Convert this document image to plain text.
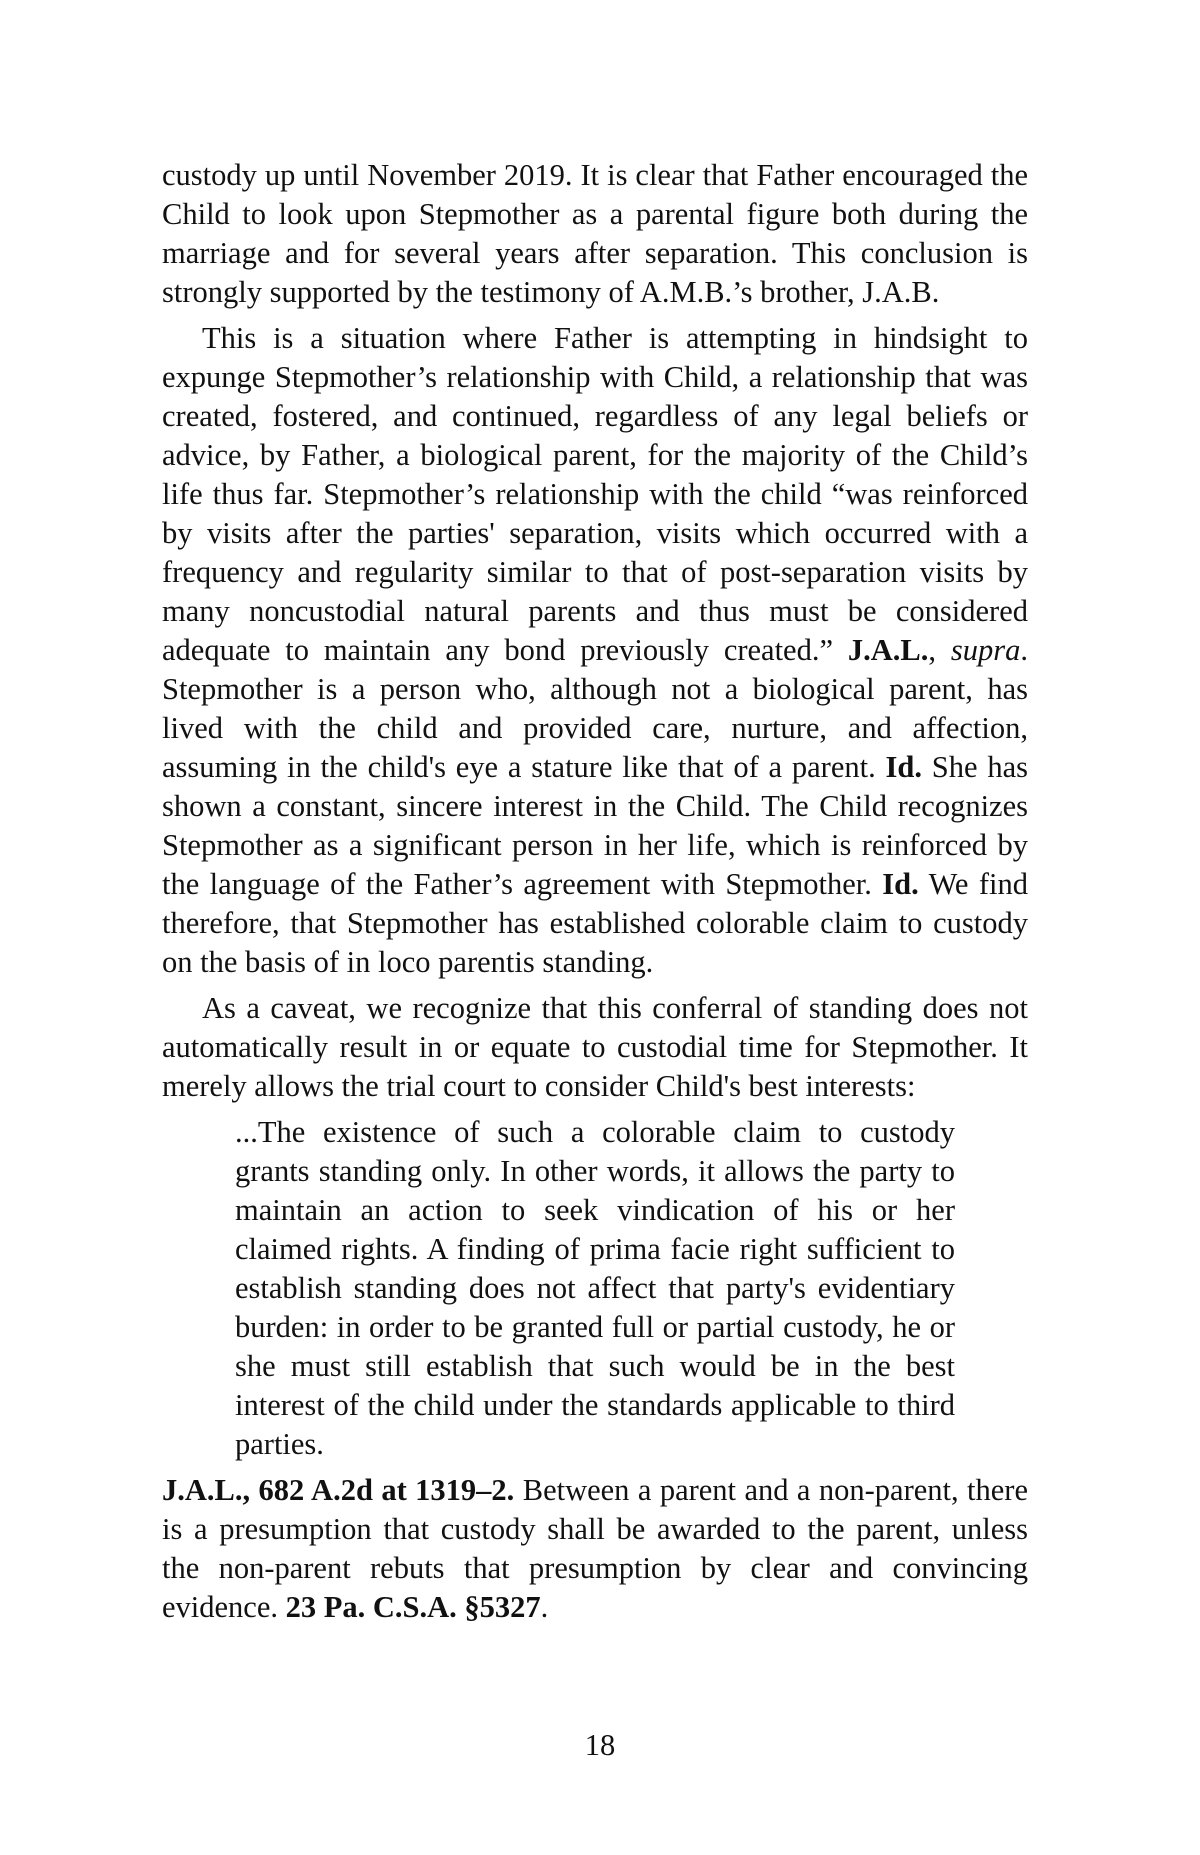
custody up until November 2019. It is clear that Father encouraged the Child to look upon Stepmother as a parental figure both during the marriage and for several years after separation. This conclusion is strongly supported by the testimony of A.M.B.’s brother, J.A.B.

This is a situation where Father is attempting in hindsight to expunge Stepmother’s relationship with Child, a relationship that was created, fostered, and continued, regardless of any legal beliefs or advice, by Father, a biological parent, for the majority of the Child’s life thus far. Stepmother’s relationship with the child “was reinforced by visits after the parties' separation, visits which occurred with a frequency and regularity similar to that of post-separation visits by many noncustodial natural parents and thus must be considered adequate to maintain any bond previously created.” J.A.L., supra. Stepmother is a person who, although not a biological parent, has lived with the child and provided care, nurture, and affection, assuming in the child's eye a stature like that of a parent. Id. She has shown a constant, sincere interest in the Child. The Child recognizes Stepmother as a significant person in her life, which is reinforced by the language of the Father’s agreement with Stepmother. Id. We find therefore, that Stepmother has established colorable claim to custody on the basis of in loco parentis standing.

As a caveat, we recognize that this conferral of standing does not automatically result in or equate to custodial time for Stepmother. It merely allows the trial court to consider Child's best interests:

...The existence of such a colorable claim to custody grants standing only. In other words, it allows the party to maintain an action to seek vindication of his or her claimed rights. A finding of prima facie right sufficient to establish standing does not affect that party's evidentiary burden: in order to be granted full or partial custody, he or she must still establish that such would be in the best interest of the child under the standards applicable to third parties.

J.A.L., 682 A.2d at 1319–2. Between a parent and a non-parent, there is a presumption that custody shall be awarded to the parent, unless the non-parent rebuts that presumption by clear and convincing evidence. 23 Pa. C.S.A. §5327.

18
